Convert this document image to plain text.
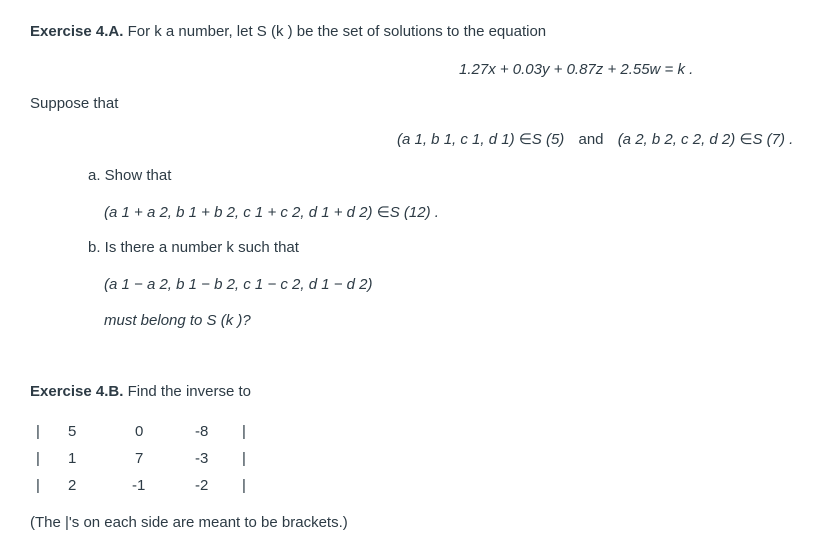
Exercise 4.A. For k a number, let S (k ) be the set of solutions to the equation
1.27x + 0.03y + 0.87z + 2.55w = k .
Suppose that
(a 1, b 1, c 1, d 1) ∈S (5) and (a 2, b 2, c 2, d 2) ∈S (7) .
a. Show that
(a 1 + a 2, b 1 + b 2, c 1 + c 2, d 1 + d 2) ∈S (12) .
b. Is there a number k such that
(a 1 − a 2, b 1 − b 2, c 1 − c 2, d 1 − d 2)
must belong to S (k )?
Exercise 4.B. Find the inverse to
| 5	0	-8 |
| 1	7	-3 |
| 2	-1	-2 |
(The |'s on each side are meant to be brackets.)
